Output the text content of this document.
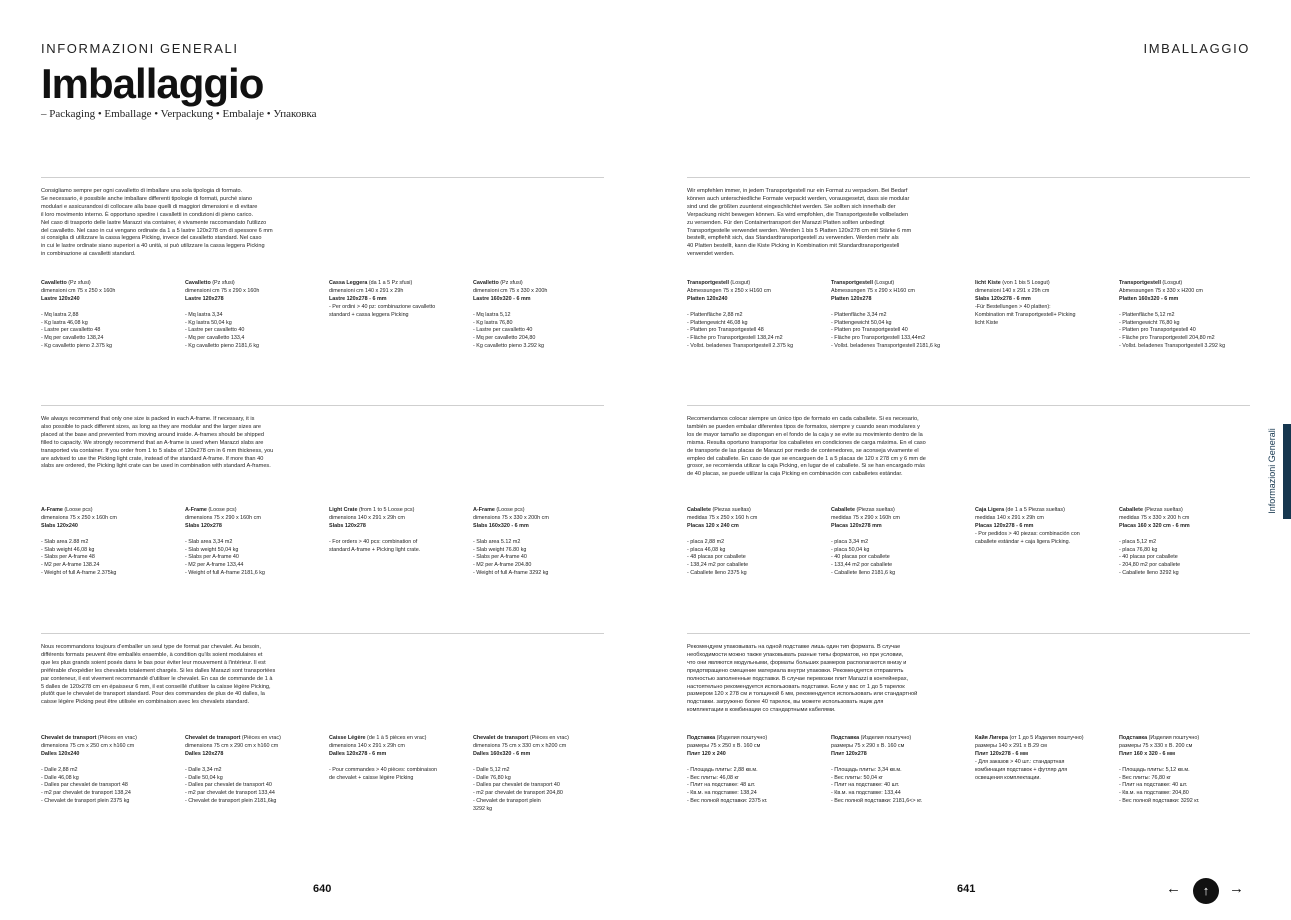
INFORMAZIONI GENERALI	IMBALLAGGIO
Imballaggio
– Packaging • Emballage • Verpackung • Embalaje • Упаковка
Consigliamo sempre per ogni cavalletto di imballare una sola tipologia di formato.
Se necessario, è possibile anche imballare differenti tipologie di formati, purché siano
modulari e assicurandosi di collocare alla base quelli di maggiori dimensioni e di evitare
il loro movimento interno. È opportuno spedire i cavalletti in condizioni di pieno carico.
Nel caso di trasporto delle lastre Marazzi via container, è vivamente raccomandato l'utilizzo
del cavalletto. Nel caso in cui vengano ordinate da 1 a 5 lastre 120x278 cm di spessore 6 mm
si consiglia di utilizzare la cassa leggera Picking, invece del cavalletto standard. Nel caso
in cui le lastre ordinate siano superiori a 40 unità, si può utilizzare la cassa leggera Picking
in combinazione ai cavalletti standard.
Cavalletto (Pz sfusi)
dimensioni cm 75 x 250 x 160h
Lastre 120x240
- Mq lastra 2,88
- Kg lastra 46,08 kg
- Lastre per cavalletto 48
- Mq per cavalletto 138,24
- Kg cavalletto pieno 2.375 kg
Cavalletto (Pz sfusi)
dimensioni cm 75 x 290 x 160h
Lastre 120x278
- Mq lastra 3,34
- Kg lastra 50,04 kg
- Lastre per cavalletto 40
- Mq per cavalletto 133,4
- Kg cavalletto pieno 2181,6 kg
Cassa Leggera (da 1 a 5 Pz sfusi)
dimensioni cm 140 x 291 x 29h
Lastre 120x278 - 6 mm
- Per ordini > 40 pz: combinazione cavalletto
standard + cassa leggera Picking
Cavalletto (Pz sfusi)
dimensioni cm 75 x 330 x 200h
Lastre 160x320 - 6 mm
- Mq lastra 5,12
- Kg lastra 76,80
- Lastre per cavalletto 40
- Mq per cavalletto 204,80
- Kg cavalletto pieno 3.292 kg
Wir empfehlen immer, in jedem Transportgestell nur ein Format zu verpacken. Bei Bedarf
können auch unterschiedliche Formate verpackt werden, vorausgesetzt, dass sie modular
sind und die größten zuunterst eingeschlichtet werden. Sie sollten sich innerhalb der
Verpackung nicht bewegen können. Es wird empfohlen, die Transportgestelle vollbeladen
zu versenden. Für den Containertransport der Marazzi Platten sollten unbedingt
Transportgestelle verwendet werden. Werden 1 bis 5 Platten 120x278 cm mit Stärke 6 mm
bestellt, empfiehlt sich, das Standardtransportgestell zu verwenden. Werden mehr als
40 Platten bestellt, kann die Kiste Picking in Kombination mit Standardtransportgestell
verwendet werden.
Transportgestell (Losgut)
Abmessungen 75 x 250 x H160 cm
Platten 120x240
- Plattenfläche 2,88 m2
- Plattengewicht 46,08 kg
- Platten pro Transportgestell 48
- Fläche pro Transportgestell 138,24 m2
- Vollst. beladenes Transportgestell 2.375 kg
Transportgestell (Losgut)
Abmessungen 75 x 290 x H160 cm
Platten 120x278
- Plattenfläche 3,34 m2
- Plattengewicht 50,04 kg
- Platten pro Transportgestell 40
- Fläche pro Transportgestell 133,44m2
- Vollst. beladenes Transportgestell 2181,6 kg
licht Kiste (von 1 bis 5 Losgut)
dimensioni 140 x 291 x 29h cm
Slabs 120x278 - 6 mm
-Für Bestellungen > 40 platten):
Kombination mit Transportgestell+ Picking
licht Kiste
Transportgestell (Losgut)
Abmessungen 75 x 330 x H200 cm
Platten 160x320 - 6 mm
- Plattenfläche 5,12 m2
- Plattengewicht 76,80 kg
- Platten pro Transportgestell 40
- Fläche pro Transportgestell 204,80 m2
- Vollst. beladenes Transportgestell 3.292 kg
We always recommend that only one size is packed in each A-frame. If necessary, it is
also possible to pack different sizes, as long as they are modular and the larger sizes are
placed at the base and prevented from moving around inside. A-frames should be shipped
filled to capacity. We strongly recommend that an A-frame is used when Marazzi slabs are
transported via container. If you order from 1 to 5 slabs of 120x278 cm in 6 mm thickness, you
are advised to use the Picking light crate, instead of the standard A-frame. If more than 40
slabs are ordered, the Picking light crate can be used in combination with standard A-frames.
A-Frame (Loose pcs)
dimensions 75 x 250 x 160h cm
Slabs 120x240
- Slab area 2.88 m2
- Slab weight 46,08 kg
- Slabs per A-frame 48
- M2 per A-frame 138.24
- Weight of full A-frame 2.375kg
A-Frame (Loose pcs)
dimensions 75 x 290 x 160h cm
Slabs 120x278
- Slab area 3,34 m2
- Slab weight 50,04 kg
- Slabs per A-frame 40
- M2 per A-frame 133,44
- Weight of full A-frame 2181,6 kg
Light Crate (from 1 to 5 Loose pcs)
dimensions 140 x 291 x 29h cm
Slabs 120x278
- For orders > 40 pcs: combination of
standard A-frame + Picking light crate.
A-Frame (Loose pcs)
dimensions 75 x 330 x 200h cm
Slabs 160x320 - 6 mm
- Slab area 5.12 m2
- Slab weight 76.80 kg
- Slabs per A-frame 40
- M2 per A-frame 204.80
- Weight of full A-frame 3292 kg
Recomendamos colocar siempre un único tipo de formato en cada caballete. Si es necesario,
también se pueden embalar diferentes tipos de formatos, siempre y cuando sean modulares y
los de mayor tamaño se dispongan en el fondo de la caja y se evite su movimiento dentro de la
misma. Resulta oportuno transportar los caballetes en condiciones de carga máxima. En el caso
de transporte de las placas de Marazzi por medio de contenedores, se aconseja vivamente el
empleo del caballete. En caso de que se encarguen de 1 a 5 placas de 120 x 278 cm y 6 mm de
grosor, se recomienda utilizar la caja Picking, en lugar de el caballete. Si se han encargado más
de 40 placas, se puede utilizar la caja Picking en combinación con caballetes estándar.
Caballete (Piezas sueltas)
medidas 75 x 250 x 160 h cm
Placas 120 x 240 cm
- placa 2,88 m2
- placa 46,08 kg
- 48 placas por caballete
- 138,24 m2 por caballete
- Caballete lleno 2375 kg
Caballete (Piezas sueltas)
medidas 75 x 290 x 160h cm
Placas 120x278 mm
- placa 3,34 m2
- placa 50,04 kg
- 40 placas por caballete
- 133,44 m2 por caballete
- Caballete lleno 2181,6 kg
Caja Ligera (de 1 a 5 Piezas sueltas)
medidas 140 x 291 x 29h cm
Placas 120x278 - 6 mm
- Por pedidos > 40 piezas: combinación con
caballete estándar + caja ligera Picking.
Caballete (Piezas sueltas)
medidas 75 x 330 x 200 h cm
Placas 160 x 320 cm - 6 mm
- placa 5,12 m2
- placa 76,80 kg
- 40 placas por caballete
- 204,80 m2 por caballete
- Caballete lleno 3292 kg
Nous recommandons toujours d'emballer un seul type de format par chevalet. Au besoin,
différents formats peuvent être emballés ensemble, à condition qu'ils soient modulaires et
que les plus grands soient posés dans le bas pour éviter leur mouvement à l'intérieur. Il est
préférable d'expédier les chevalets totalement chargés. Si les dalles Marazzi sont transportées
par conteneur, il est vivement recommandé d'utiliser le chevalet. En cas de commande de 1 à
5 dalles de 120x278 cm en épaisseur 6 mm, il est conseillé d'utiliser la caisse légère Picking,
plutôt que le chevalet de transport standard. Pour des commandes de plus de 40 dalles, la
caisse légère Picking peut être utilisée en combinaison avec les chevalets standard.
Chevalet de transport (Pièces en vrac)
dimensions 75 cm x 250 cm x h160 cm
Dalles 120x240
- Dalle 2,88 m2
- Dalle 46,08 kg
- Dalles par chevalet de transport 48
- m2 par chevalet de transport 138,24
- Chevalet de transport plein 2375 kg
Chevalet de transport (Pièces en vrac)
dimensions 75 cm x 290 cm x h160 cm
Dalles 120x278
- Dalle 3,34 m2
- Dalle 50,04 kg
- Dalles par chevalet de transport 40
- m2 par chevalet de transport 133,44
- Chevalet de transport plein 2181,6kg
Caisse Légère (de 1 à 5 pièces en vrac)
dimensions 140 x 291 x 29h cm
Dalles 120x278 - 6 mm
- Pour commandes > 40 pièces: combinaison
de chevalet + caisse légère Picking
Chevalet de transport (Pièces en vrac)
dimensions 75 cm x 330 cm x h200 cm
Dalles 160x320 - 6 mm
- Dalle 5,12 m2
- Dalle 76,80 kg
- Dalles par chevalet de transport 40
- m2 par chevalet de transport 204,80
- Chevalet de transport plein
3292 kg
Рекомендуем упаковывать на одной подставке лишь один тип формата. В случае
необходимости можно также упаковывать разные типы форматов, но при условии,
что они являются модульными, форматы больших размеров располагаются внизу и
предотвращено смещение материала внутри упаковки. Рекомендуется отправлять
полностью заполненные подставки. В случае перевозки плит Marazzi в контейнерах,
настоятельно рекомендуется использовать подставки. Если у вас от 1 до 5 тарелок
размером 120 x 278 см и толщиной 6 мм, рекомендуется использовать или стандартной
подставки. загружено более 40 тарелок, вы можете использовать ящик для
комплектации в комбинации со стандартными кабелями.
Подставка (Изделия поштучно)
размеры 75 x 250 x В. 160 см
Плит 120 x 240
- Площадь плиты: 2,88 кв.м.
- Вес плиты: 46,08 кг
- Плит на подставке: 48 шт.
- Кв.м. на подставке: 138,24
- Вес полной подставки: 2375 кг.
Подставка (Изделия поштучно)
размеры 75 x 290 x В. 160 см
Плит 120x278
- Площадь плиты: 3,34 кв.м.
- Вес плиты: 50,04 кг
- Плит на подставке: 40 шт.
- Кв.м. на подставке: 133,44
- Вес полной подставки: 2181,6<> кг.
Кайя Лигера (от 1 до 5 Изделия поштучно)
размеры 140 x 291 x В.29 см
Плит 120x278 - 6 мм
- Для заказов > 40 шт.: стандартная
комбинация подставок + футляр для
освещения комплектации.
Подставка (Изделия поштучно)
размеры 75 x 330 x В. 200 см
Плит 160 x 320 - 6 мм
- Площадь плиты: 5,12 кв.м.
- Вес плиты: 76,80 кг
- Плит на подставке: 40 шт.
- Кв.м. на подставке: 204,80
- Вес полной подставки: 3292 кг.
Informazioni Generali
640	641	←	↑	→
